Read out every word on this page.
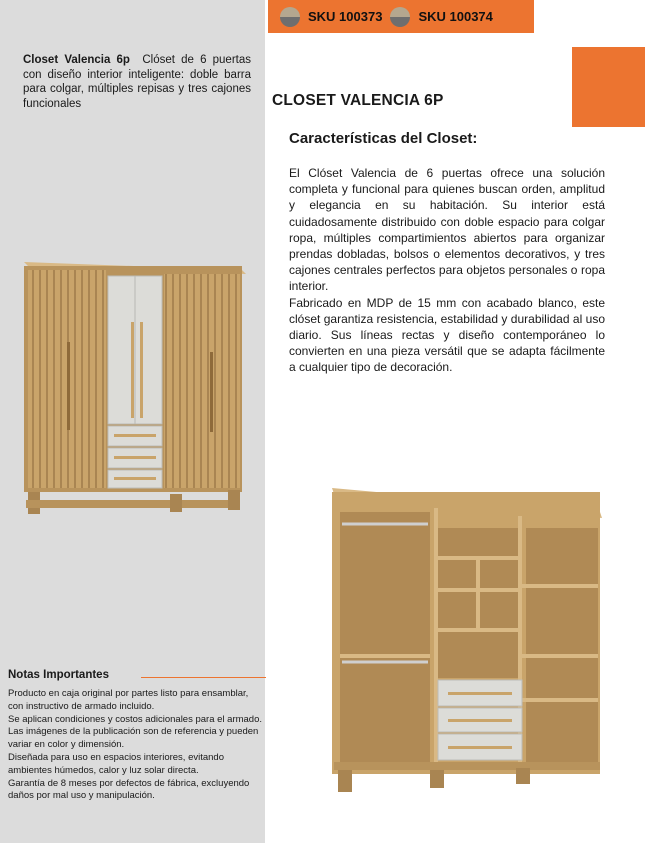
SKU 100373	SKU 100374
Closet Valencia 6p Clóset de 6 puertas con diseño interior inteligente: doble barra para colgar, múltiples repisas y tres cajones funcionales	CLOSET VALENCIA 6P
Características del Closet:

El Clóset Valencia de 6 puertas ofrece una solución completa y funcional para quienes buscan orden, amplitud y elegancia en su habitación. Su interior está cuidadosamente distribuido con doble espacio para colgar ropa, múltiples compartimientos abiertos para organizar prendas dobladas, bolsos o elementos decorativos, y tres cajones centrales perfectos para objetos personales o ropa interior.

Fabricado en MDP de 15 mm con acabado blanco, este clóset garantiza resistencia, estabilidad y durabilidad al uso diario. Sus líneas rectas y diseño contemporáneo lo convierten en una pieza versátil que se adapta fácilmente a cualquier tipo de decoración.

Notas Importantes
Producto en caja original por partes listo para ensamblar, con instructivo de armado incluido.
Se aplican condiciones y costos adicionales para el armado.
Las imágenes de la publicación son de referencia y pueden variar en color y dimensión.
Diseñada para uso en espacios interiores, evitando ambientes húmedos, calor y luz solar directa.
Garantía de 8 meses por defectos de fábrica, excluyendo daños por mal uso y manipulación.
